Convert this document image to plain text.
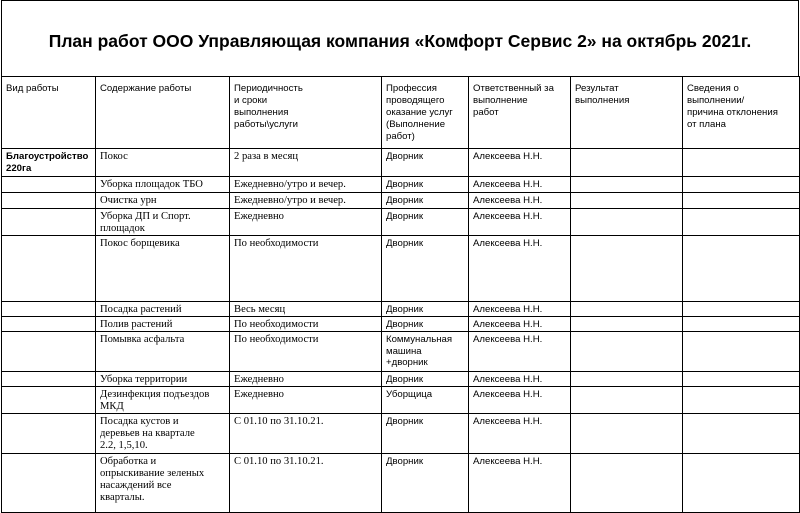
План работ ООО Управляющая компания «Комфорт Сервис 2» на октябрь 2021г.
Вид работы	Содержание работы	Периодичность
и сроки
выполнения
работы\услуги	Профессия
проводящего
оказание услуг
(Выполнение
работ)	Ответственный за
выполнение
работ	Результат
выполнения	Сведения о
выполнении/
причина отклонения
от плана
Благоустройство
220га	Покос	2 раза в месяц	Дворник	Алексеева Н.Н.		
	Уборка площадок ТБО	Ежедневно/утро и вечер.	Дворник	Алексеева Н.Н.		
	Очистка урн	Ежедневно/утро и вечер.	Дворник	Алексеева Н.Н.		
	Уборка ДП и Спорт.
площадок	Ежедневно	Дворник	Алексеева Н.Н.		
	Покос борщевика	По необходимости	Дворник	Алексеева Н.Н.		
	Посадка растений	Весь месяц	Дворник	Алексеева Н.Н.		
	Полив растений	По необходимости	Дворник	Алексеева Н.Н.		
	Помывка асфальта	По необходимости	Коммунальная
машина
+дворник	Алексеева Н.Н.		
	Уборка территории	Ежедневно	Дворник	Алексеева Н.Н.		
	Дезинфекция подъездов
МКД	Ежедневно	Уборщица	Алексеева Н.Н.		
	Посадка кустов и
деревьев на квартале
2.2, 1,5,10.	С 01.10 по 31.10.21.	Дворник	Алексеева Н.Н.		
	Обработка и
опрыскивание зеленых
насаждений все
кварталы.	С 01.10 по 31.10.21.	Дворник	Алексеева Н.Н.		
